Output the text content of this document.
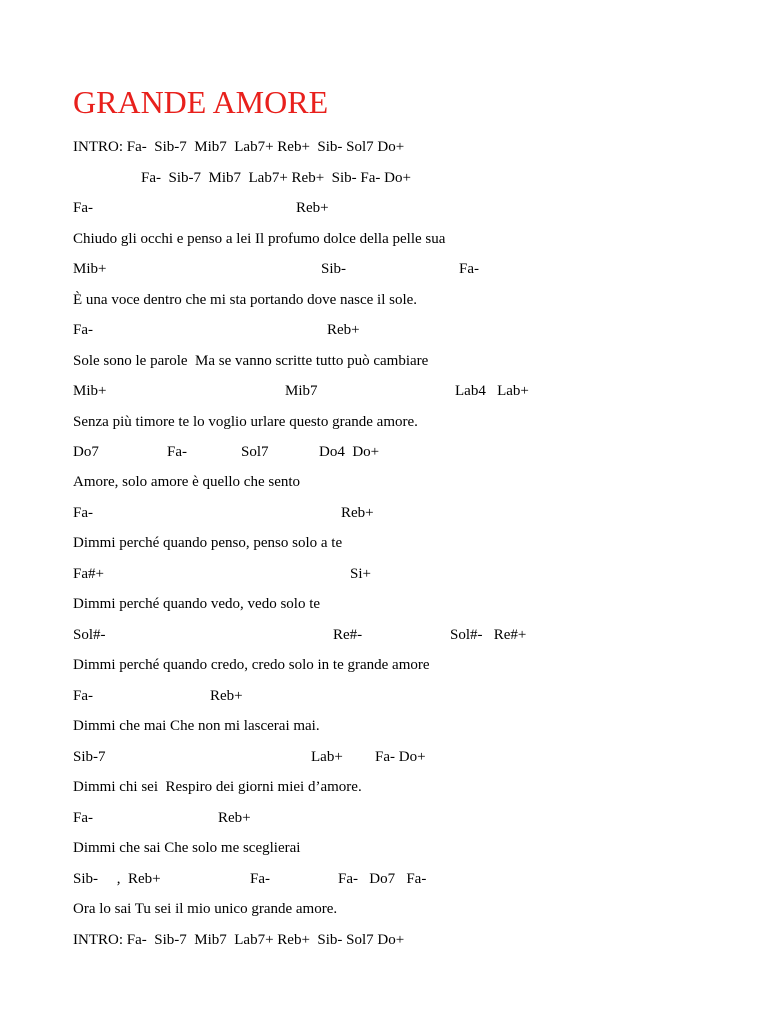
GRANDE AMORE
INTRO: Fa-  Sib-7  Mib7  Lab7+ Reb+  Sib- Sol7 Do+
Fa-  Sib-7  Mib7  Lab7+ Reb+  Sib- Fa- Do+
Fa-	Reb+
Chiudo gli occhi e penso a lei Il profumo dolce della pelle sua
Mib+	Sib-	Fa-
È una voce dentro che mi sta portando dove nasce il sole.
Fa-	Reb+
Sole sono le parole  Ma se vanno scritte tutto può cambiare
Mib+	Mib7	Lab4   Lab+
Senza più timore te lo voglio urlare questo grande amore.
Do7	Fa-	Sol7	Do4  Do+
Amore, solo amore è quello che sento
Fa-	Reb+
Dimmi perché quando penso, penso solo a te
Fa#+	Si+
Dimmi perché quando vedo, vedo solo te
Sol#-	Re#-	Sol#-   Re#+
Dimmi perché quando credo, credo solo in te grande amore
Fa-	Reb+
Dimmi che mai Che non mi lascerai mai.
Sib-7	Lab+ Fa- Do+
Dimmi chi sei  Respiro dei giorni miei d’amore.
Fa-	Reb+
Dimmi che sai Che solo me sceglierai
Sib-     ,  Reb+	Fa-	Fa-   Do7   Fa-
Ora lo sai Tu sei il mio unico grande amore.
INTRO: Fa-  Sib-7  Mib7  Lab7+ Reb+  Sib- Sol7 Do+
